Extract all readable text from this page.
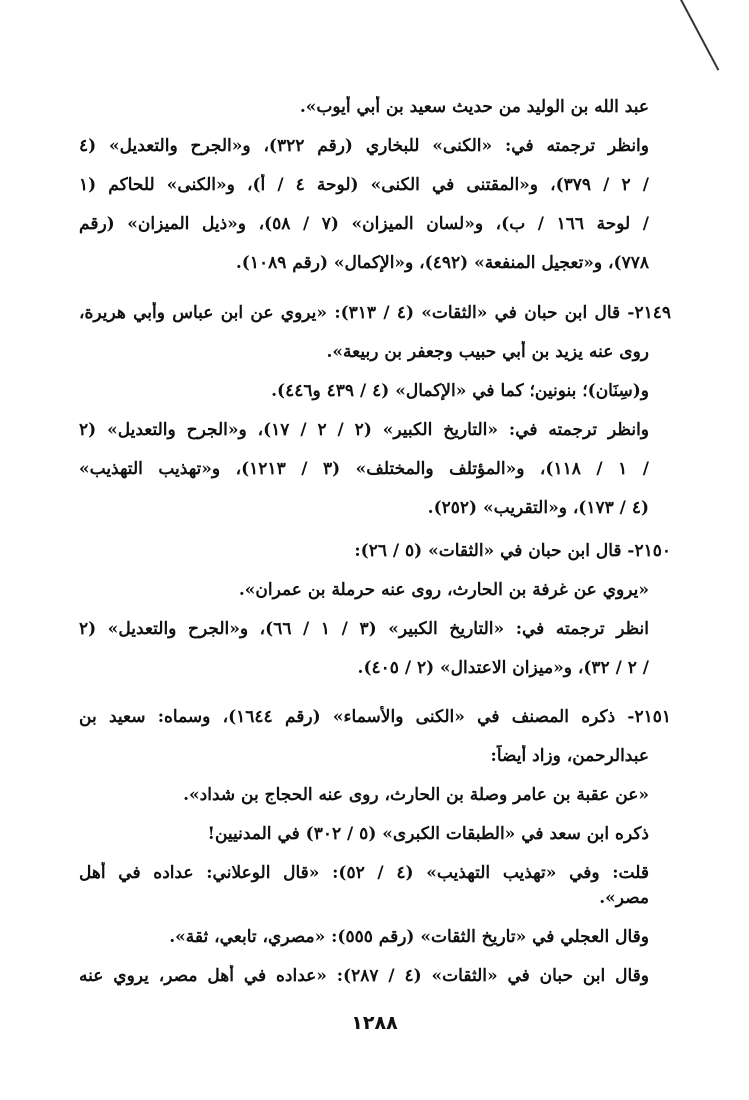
عبد الله بن الوليد من حديث سعيد بن أبي أيوب».
وانظر ترجمته في: «الكنى» للبخاري (رقم ٣٢٢)، و«الجرح والتعديل» (٤
/ ٢ / ٣٧٩)، و«المقتنى في الكنى» (لوحة ٤ / أ)، و«الكنى» للحاكم (١
/ لوحة ١٦٦ / ب)، و«لسان الميزان» (٧ / ٥٨)، و«ذيل الميزان» (رقم
٧٧٨)، و«تعجيل المنفعة» (٤٩٢)، و«الإكمال» (رقم ١٠٨٩).
٢١٤٩- قال ابن حبان في «الثقات» (٤ / ٣١٣): «يروي عن ابن عباس وأبي هريرة،
روى عنه يزيد بن أبي حبيب وجعفر بن ربيعة».
و(سِنَان)؛ بنونين؛ كما في «الإكمال» (٤ / ٤٣٩ و٤٤٦).
وانظر ترجمته في: «التاريخ الكبير» (٢ / ٢ / ١٧)، و«الجرح والتعديل» (٢
/ ١ / ١١٨)، و«المؤتلف والمختلف» (٣ / ١٢١٣)، و«تهذيب التهذيب»
(٤ / ١٧٣)، و«التقريب» (٢٥٢).
٢١٥٠- قال ابن حبان في «الثقات» (٥ / ٢٦):
«يروي عن غرفة بن الحارث، روى عنه حرملة بن عمران».
انظر ترجمته في: «التاريخ الكبير» (٣ / ١ / ٦٦)، و«الجرح والتعديل» (٢
/ ٢ / ٣٢)، و«ميزان الاعتدال» (٢ / ٤٠٥).
٢١٥١- ذكره المصنف في «الكنى والأسماء» (رقم ١٦٤٤)، وسماه: سعيد بن
عبدالرحمن، وزاد أيضاً:
«عن عقبة بن عامر وصلة بن الحارث، روى عنه الحجاج بن شداد».
ذكره ابن سعد في «الطبقات الكبرى» (٥ / ٣٠٢) في المدنيين!
قلت: وفي «تهذيب التهذيب» (٤ / ٥٢): «قال الوعلاني: عداده في أهل
مصر».
وقال العجلي في «تاريخ الثقات» (رقم ٥٥٥): «مصري، تابعي، ثقة».
وقال ابن حبان في «الثقات» (٤ / ٢٨٧): «عداده في أهل مصر، يروي عنه
١٢٨٨
